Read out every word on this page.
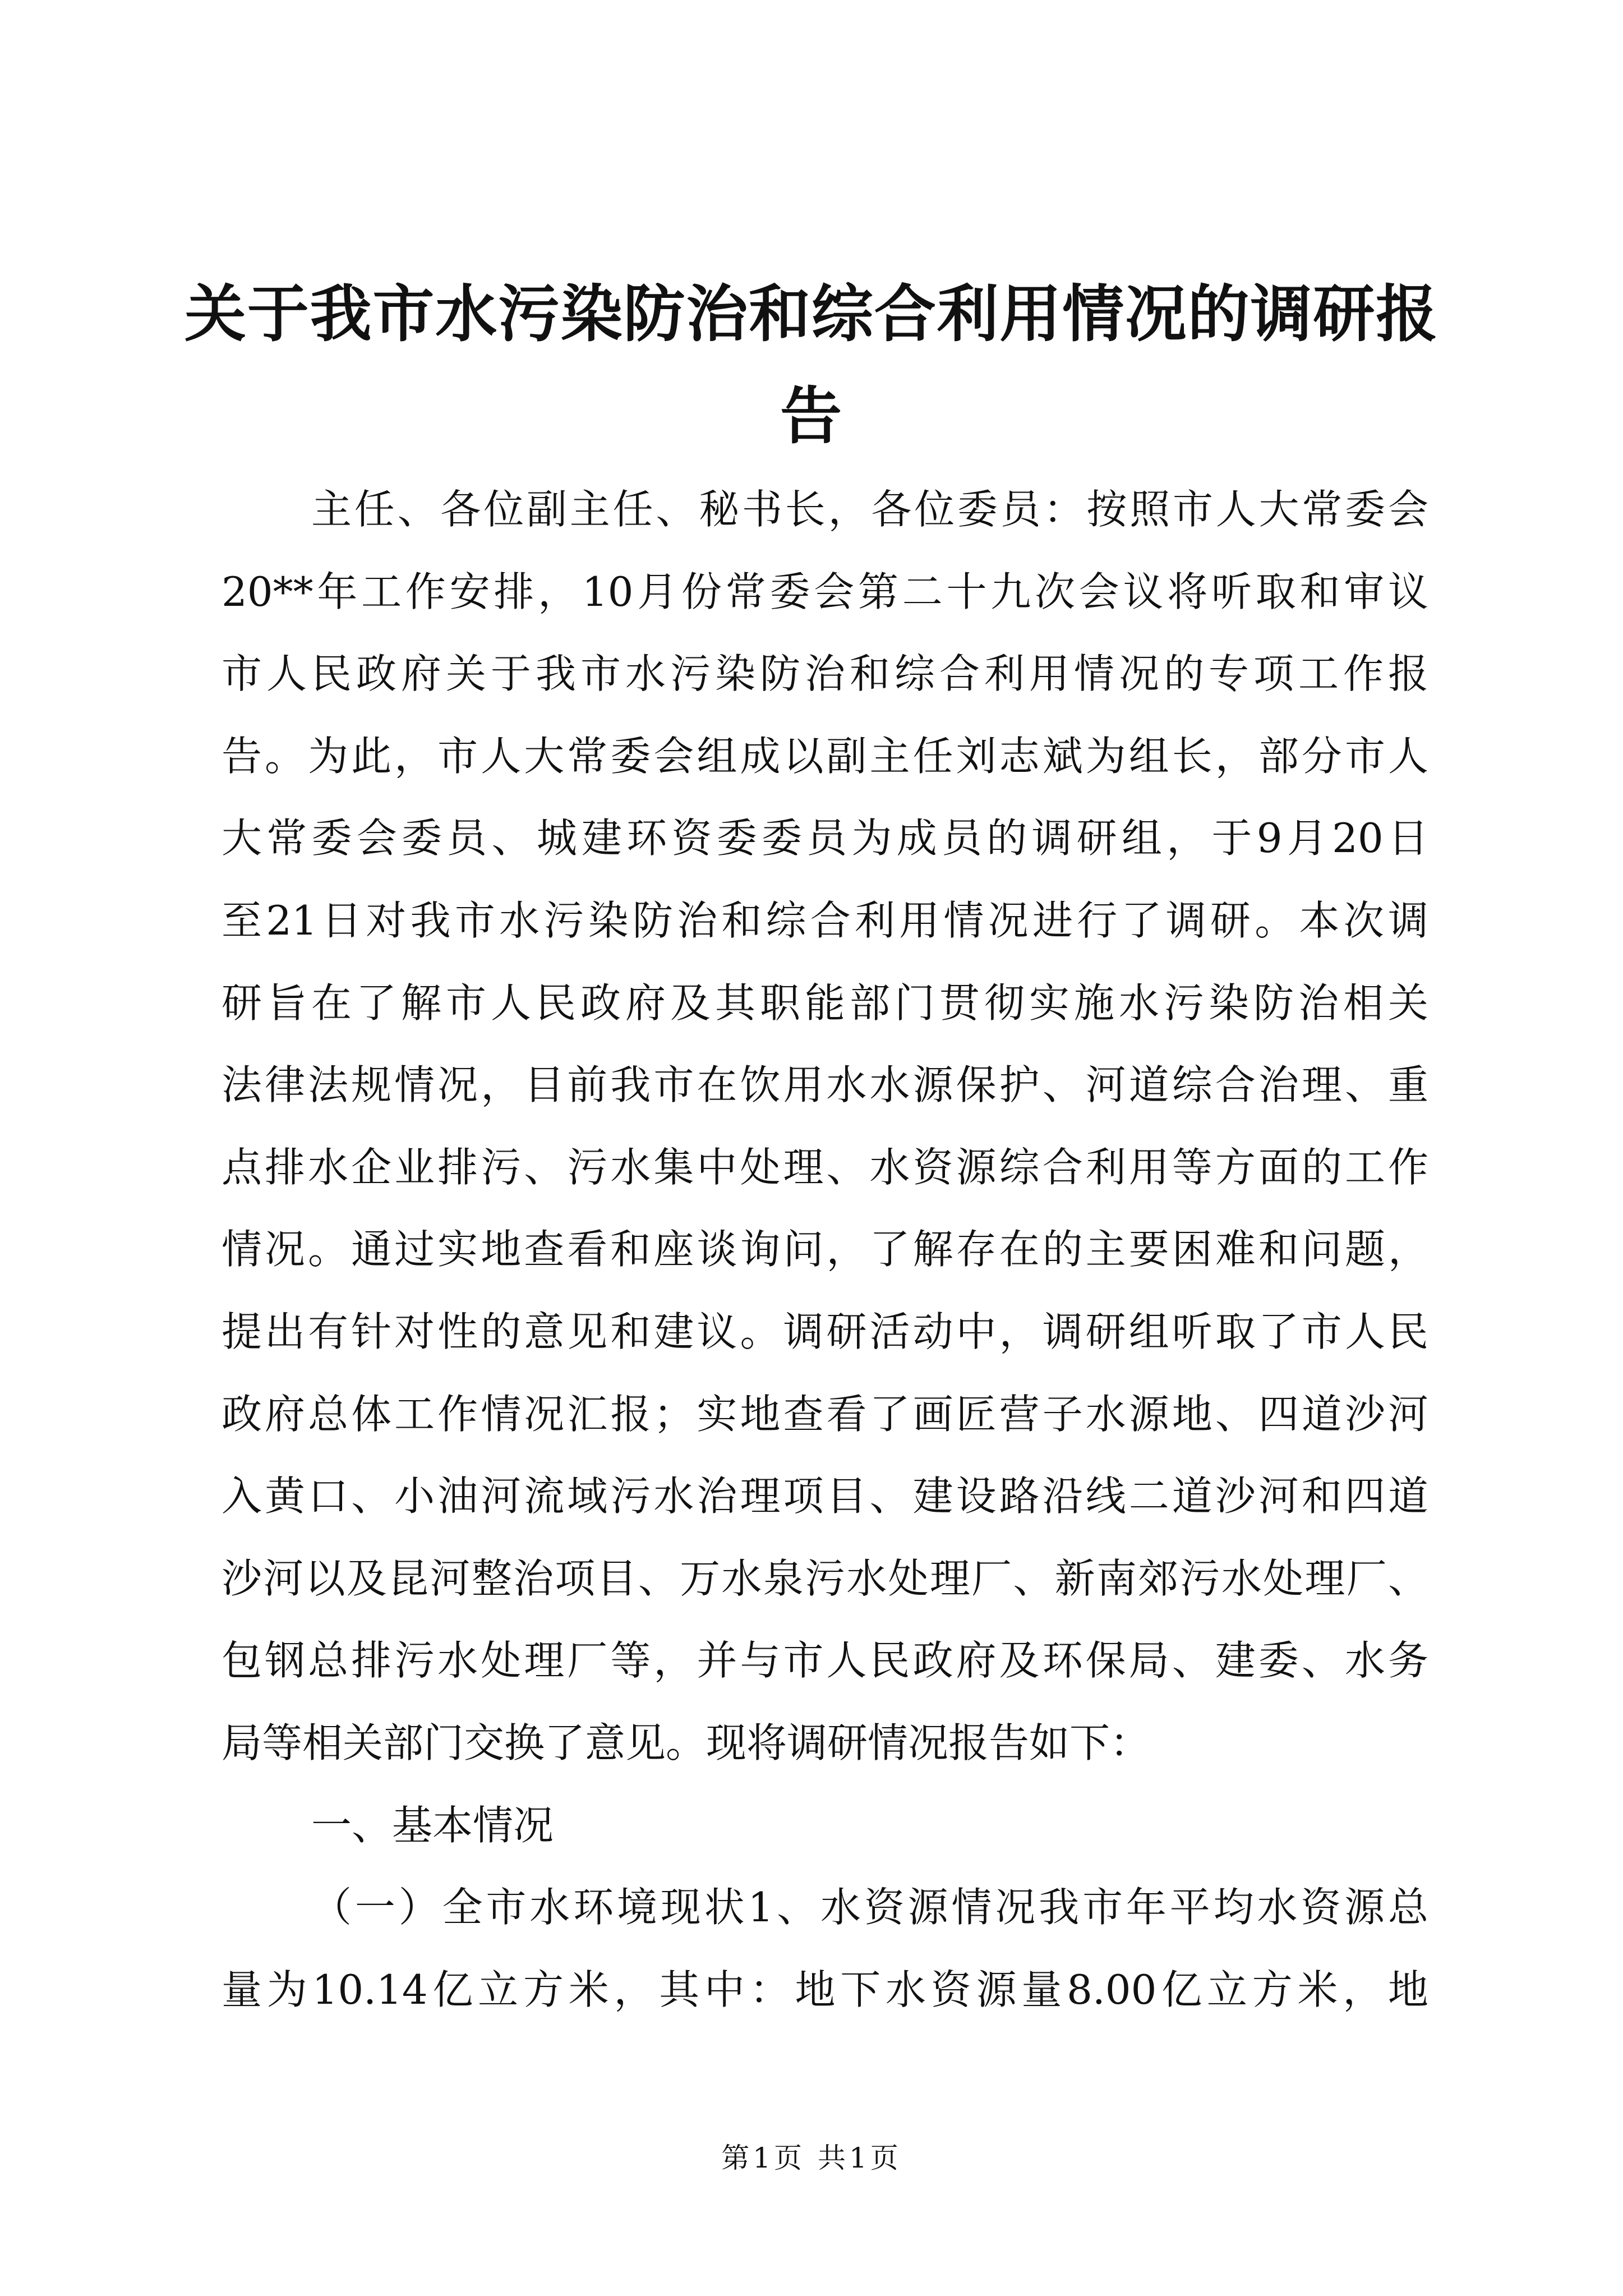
关于我市水污染防治和综合利用情况的调研报告
主任、各位副主任、秘书长，各位委员：按照市人大常委会
20**年工作安排，10月份常委会第二十九次会议将听取和审议
市人民政府关于我市水污染防治和综合利用情况的专项工作报
告。为此，市人大常委会组成以副主任刘志斌为组长，部分市人
大常委会委员、城建环资委委员为成员的调研组，于9月20日
至21日对我市水污染防治和综合利用情况进行了调研。本次调
研旨在了解市人民政府及其职能部门贯彻实施水污染防治相关
法律法规情况，目前我市在饮用水水源保护、河道综合治理、重
点排水企业排污、污水集中处理、水资源综合利用等方面的工作
情况。通过实地查看和座谈询问，了解存在的主要困难和问题，
提出有针对性的意见和建议。调研活动中，调研组听取了市人民
政府总体工作情况汇报；实地查看了画匠营子水源地、四道沙河
入黄口、小油河流域污水治理项目、建设路沿线二道沙河和四道
沙河以及昆河整治项目、万水泉污水处理厂、新南郊污水处理厂、
包钢总排污水处理厂等，并与市人民政府及环保局、建委、水务
局等相关部门交换了意见。现将调研情况报告如下：
一、基本情况
（一）全市水环境现状1、水资源情况我市年平均水资源总
量为10.14亿立方米，其中：地下水资源量8.00亿立方米，地
第1页 共1页
